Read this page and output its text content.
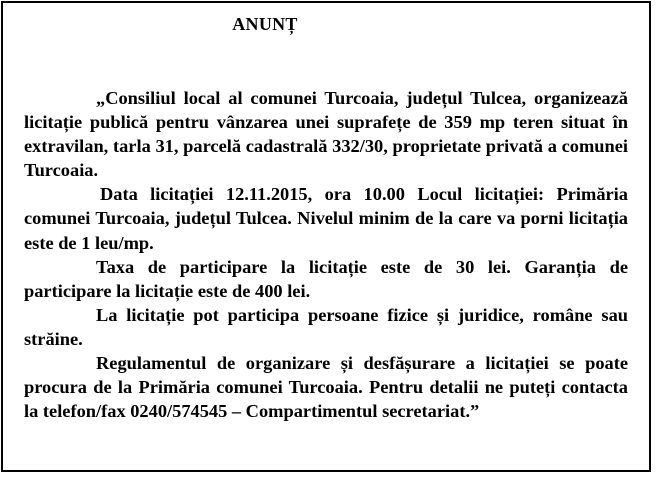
ANUNȚ

„Consiliul local al comunei Turcoaia, județul Tulcea, organizează licitație publică pentru vânzarea unei suprafețe de 359 mp teren situat în extravilan, tarla 31, parcelă cadastrală 332/30, proprietate privată a comunei Turcoaia.

Data licitației 12.11.2015, ora 10.00 Locul licitației: Primăria comunei Turcoaia, județul Tulcea. Nivelul minim de la care va porni licitația este de 1 leu/mp.

Taxa de participare la licitație este de 30 lei. Garanția de participare la licitație este de 400 lei.

La licitație pot participa persoane fizice și juridice, române sau străine.

Regulamentul de organizare și desfășurare a licitației se poate procura de la Primăria comunei Turcoaia. Pentru detalii ne puteți contacta la telefon/fax 0240/574545 – Compartimentul secretariat.”
